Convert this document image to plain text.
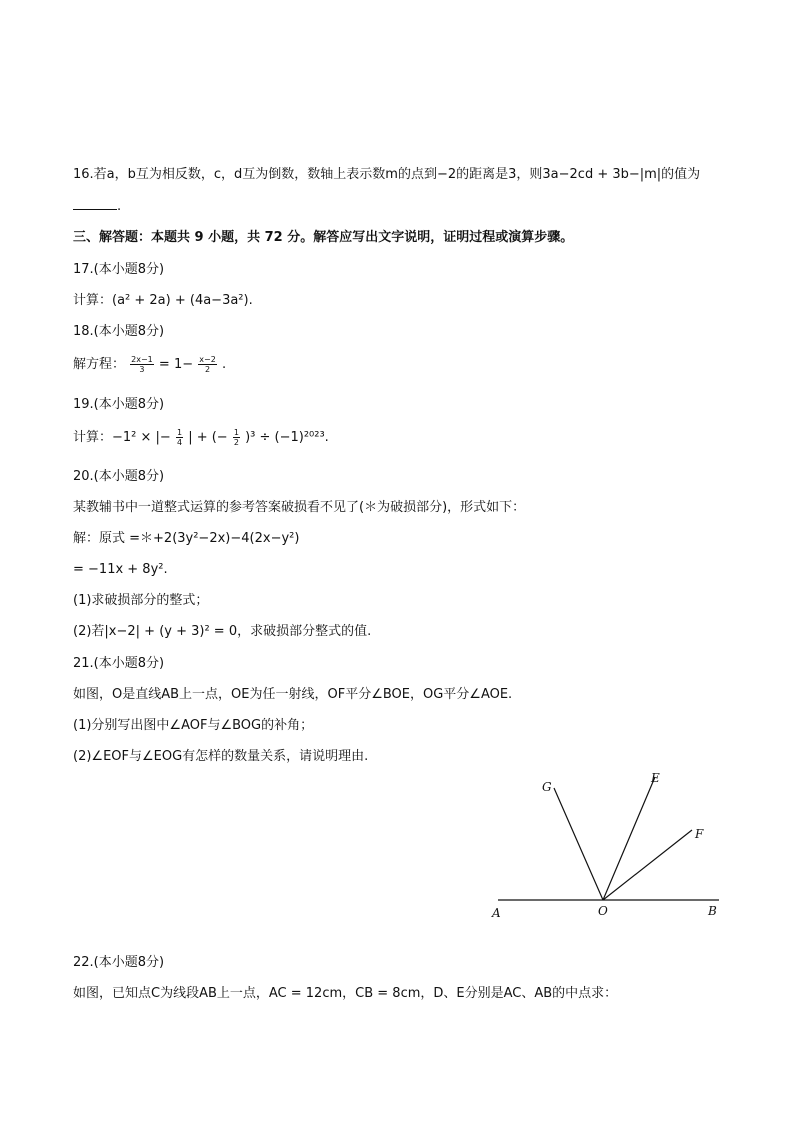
16.若a，b互为相反数，c，d互为倒数，数轴上表示数m的点到−2的距离是3，则3a−2cd + 3b−|m|的值为
.
三、解答题：本题共 9 小题，共 72 分。解答应写出文字说明，证明过程或演算步骤。
17.(本小题8分)
计算：(a² + 2a) + (4a−3a²).
18.(本小题8分)
解方程： $\frac{2x-1}{3} = 1- \frac{x-2}{2}$ .
19.(本小题8分)
计算：−1² × |− $\frac{1}{4}$ | + (− $\frac{1}{2} )^3 \div (-1)^{2023}$.
20.(本小题8分)
某教辅书中一道整式运算的参考答案破损看不见了(＊为破损部分)，形式如下：
解：原式 =＊+2(3y²−2x)−4(2x−y²)
= −11x + 8y².
(1)求破损部分的整式；
(2)若|x−2| + (y + 3)² = 0，求破损部分整式的值.
21.(本小题8分)
如图，O是直线AB上一点，OE为任一射线，OF平分∠BOE，OG平分∠AOE.
(1)分别写出图中∠AOF与∠BOG的补角；
(2)∠EOF与∠EOG有怎样的数量关系，请说明理由.
A	O	B
E
F
G
22.(本小题8分)
如图，已知点C为线段AB上一点，AC = 12cm，CB = 8cm，D、E分别是AC、AB的中点求：
